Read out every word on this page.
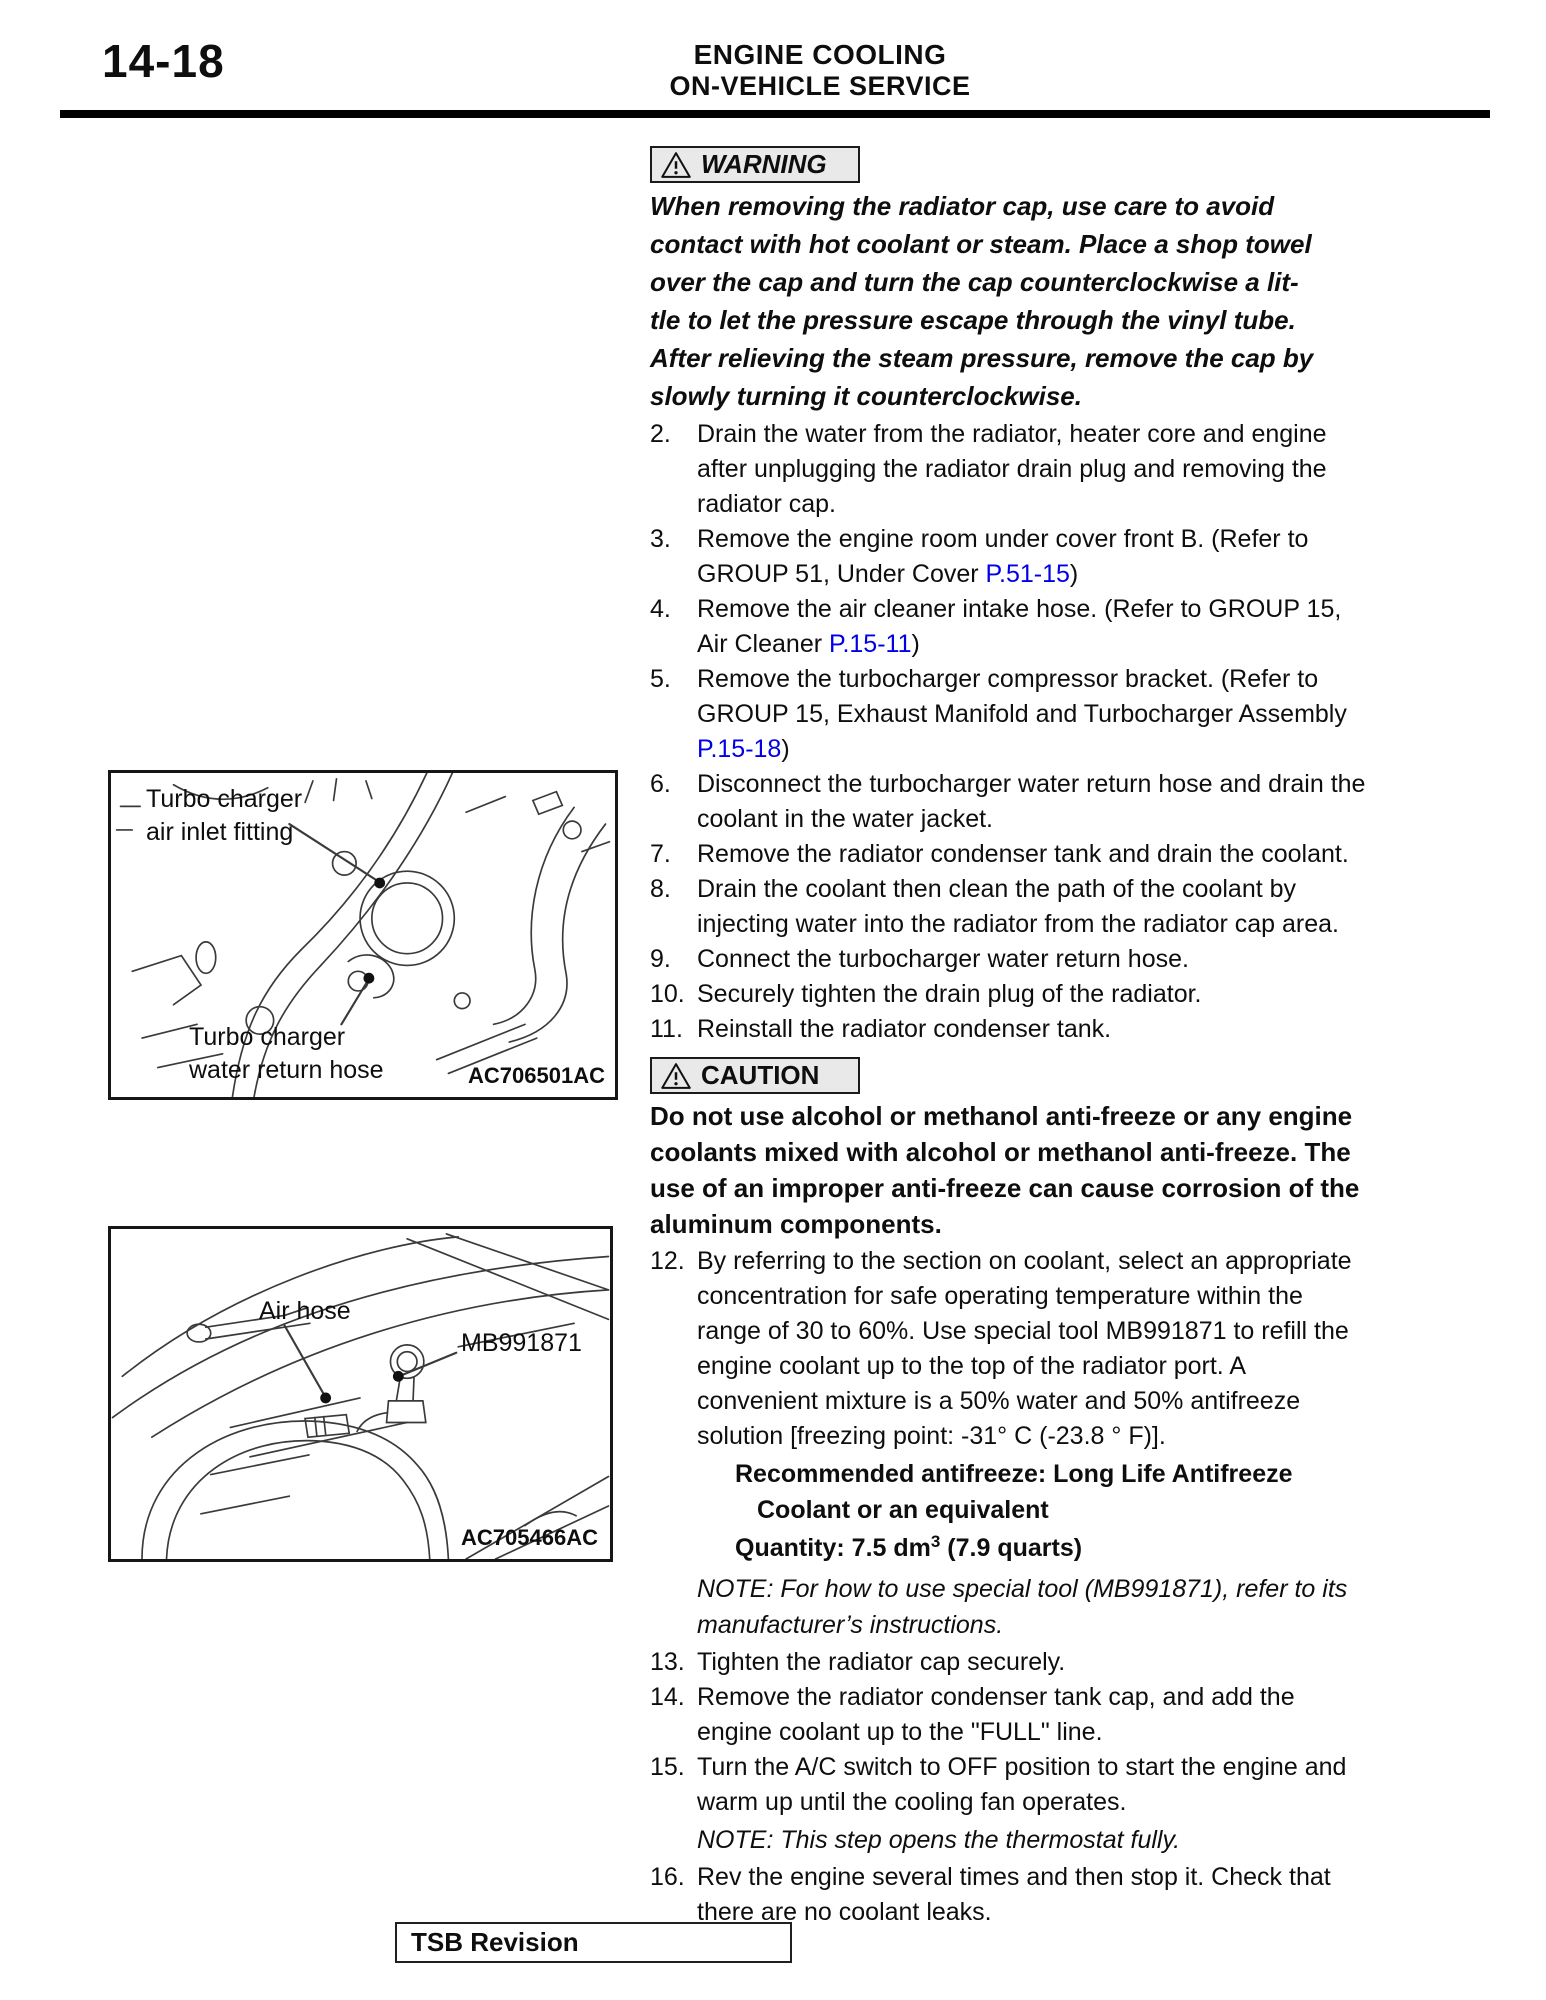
14-18	ENGINE COOLING
ON-VEHICLE SERVICE
Turbo charger
air inlet fitting
Turbo charger
water return hose	AC706501AC
Air hose
MB991871
AC705466AC
WARNING
When removing the radiator cap, use care to avoid
contact with hot coolant or steam. Place a shop towel
over the cap and turn the cap counterclockwise a lit-
tle to let the pressure escape through the vinyl tube.
After relieving the steam pressure, remove the cap by
slowly turning it counterclockwise.
2.	Drain the water from the radiator, heater core and engine
after unplugging the radiator drain plug and removing the
radiator cap.
3.	Remove the engine room under cover front B. (Refer to
GROUP 51, Under Cover P.51-15)
4.	Remove the air cleaner intake hose. (Refer to GROUP 15,
Air Cleaner P.15-11)
5.	Remove the turbocharger compressor bracket. (Refer to
GROUP 15, Exhaust Manifold and Turbocharger Assembly
P.15-18)
6.	Disconnect the turbocharger water return hose and drain the
coolant in the water jacket.
7.	Remove the radiator condenser tank and drain the coolant.
8.	Drain the coolant then clean the path of the coolant by
injecting water into the radiator from the radiator cap area.
9.	Connect the turbocharger water return hose.
10. Securely tighten the drain plug of the radiator.
11. Reinstall the radiator condenser tank.
CAUTION
Do not use alcohol or methanol anti-freeze or any engine
coolants mixed with alcohol or methanol anti-freeze. The
use of an improper anti-freeze can cause corrosion of the
aluminum components.
12. By referring to the section on coolant, select an appropriate
concentration for safe operating temperature within the
range of 30 to 60%. Use special tool MB991871 to refill the
engine coolant up to the top of the radiator port. A
convenient mixture is a 50% water and 50% antifreeze
solution [freezing point: -31° C (-23.8 ° F)].
Recommended antifreeze: Long Life Antifreeze
Coolant or an equivalent
Quantity: 7.5 $dm^3$ (7.9 quarts)
NOTE: For how to use special tool (MB991871), refer to its
manufacturer’s instructions.
13. Tighten the radiator cap securely.
14. Remove the radiator condenser tank cap, and add the
engine coolant up to the "FULL" line.
15. Turn the A/C switch to OFF position to start the engine and
warm up until the cooling fan operates.
NOTE: This step opens the thermostat fully.
16. Rev the engine several times and then stop it. Check that
there are no coolant leaks.
TSB Revision
